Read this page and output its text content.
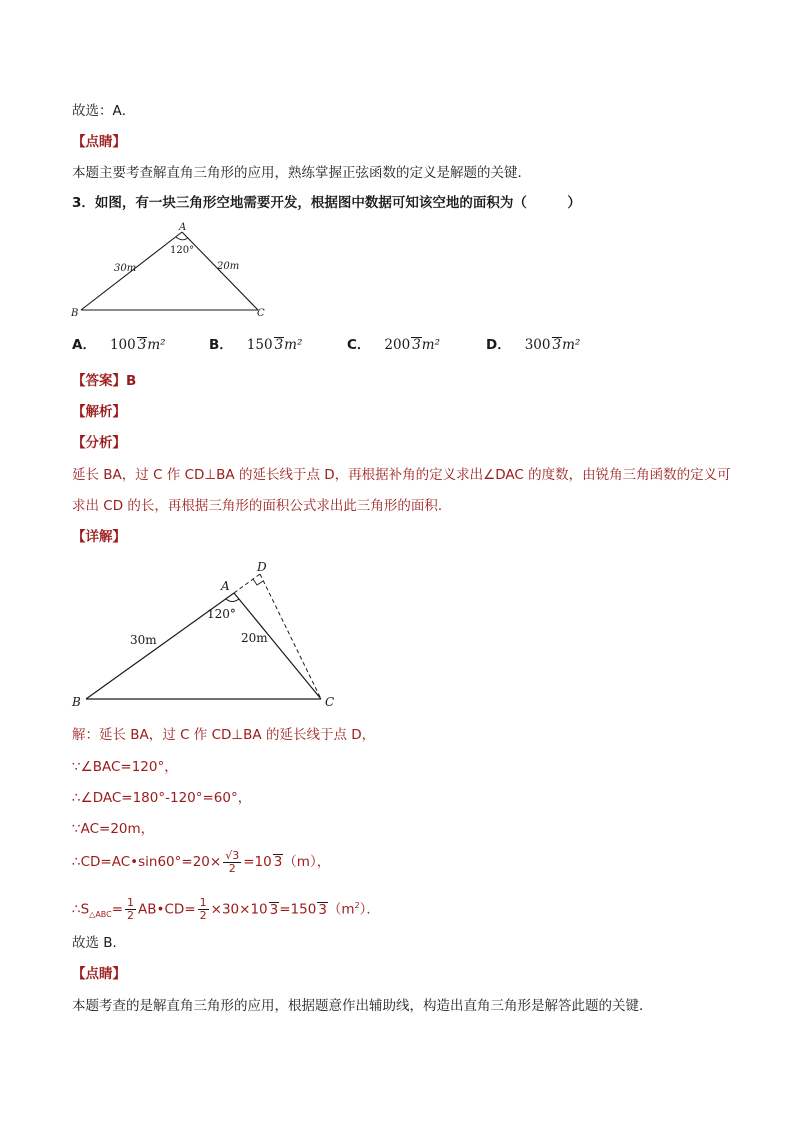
故选：A．
【点睛】
本题主要考查解直角三角形的应用，熟练掌握正弦函数的定义是解题的关键．
3．如图，有一块三角形空地需要开发，根据图中数据可知该空地的面积为（　　　）
A
120°
30m	20m
B	C
A． 100 3m²	B． 150 3m²	C． 200 3m²	D． 300 3m²
【答案】B
【解析】
【分析】
延长 BA，过 C 作 CD⊥BA 的延长线于点 D，再根据补角的定义求出∠DAC 的度数，由锐角三角函数的定义可
求出 CD 的长，再根据三角形的面积公式求出此三角形的面积．
【详解】
A
D
120°
30m	20m
B	C
解：延长 BA，过 C 作 CD⊥BA 的延长线于点 D，
∵∠BAC=120°，
∴∠DAC=180°-120°=60°，
∵AC=20m，
∴CD=AC•sin60°=20× $\frac{√3}{2} =10$ 3（m），
$\therefore S_{\triangle ABC}= \frac{1}{2}$ AB•CD= $\frac{1}{2} \times 30\times 10$ 3=150 $3(m^2)$．
故选 B．
【点睛】
本题考查的是解直角三角形的应用，根据题意作出辅助线，构造出直角三角形是解答此题的关键．
